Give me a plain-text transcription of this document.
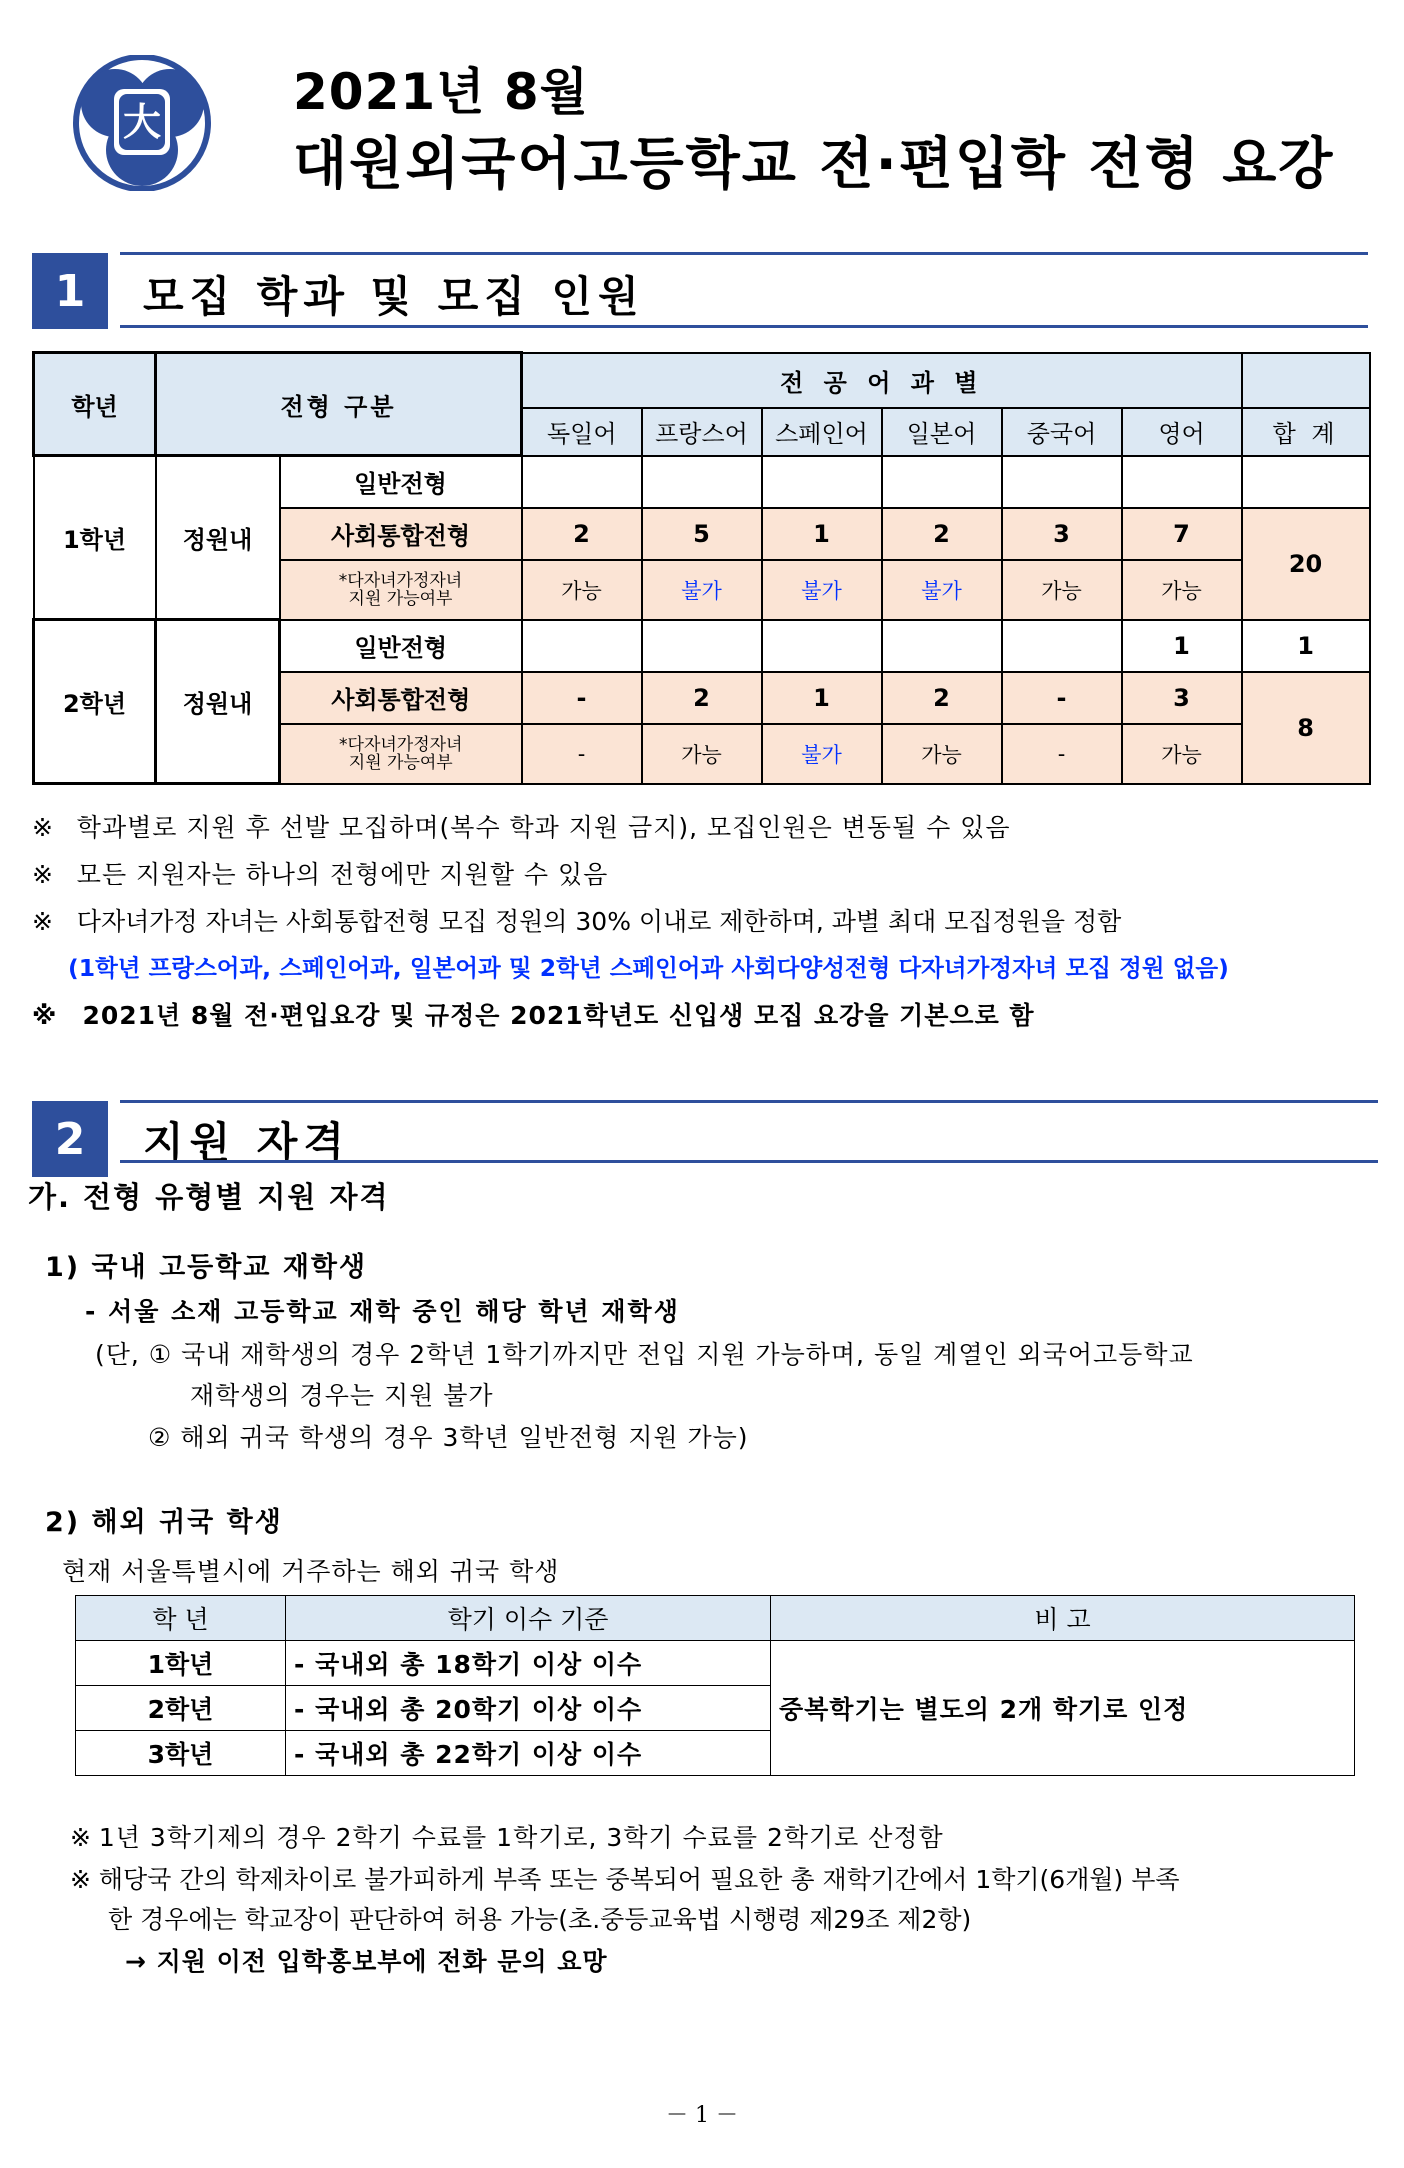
大
2021년 8월
대원외국어고등학교 전·편입학 전형 요강
1	모집 학과 및 모집 인원
학년	전형 구분		전 공 어 과 별						
			독일어	프랑스어	스페인어	일본어	중국어	영어	합 계
1학년	정원내	일반전형							
		사회통합전형	2	5	1	2	3	7	20

		*다자녀가정자녀
지원 가능여부	가능	불가	불가	불가	가능	가능	
2학년	정원내	일반전형						1	1
		사회통합전형	-	2	1	2	-	3	8

		*다자녀가정자녀
지원 가능여부	-	가능	불가	가능	-	가능	
※ 학과별로 지원 후 선발 모집하며(복수 학과 지원 금지), 모집인원은 변동될 수 있음
※ 모든 지원자는 하나의 전형에만 지원할 수 있음
※ 다자녀가정 자녀는 사회통합전형 모집 정원의 30% 이내로 제한하며, 과별 최대 모집정원을 정함
(1학년 프랑스어과, 스페인어과, 일본어과 및 2학년 스페인어과 사회다양성전형 다자녀가정자녀 모집 정원 없음)
※ 2021년 8월 전·편입요강 및 규정은 2021학년도 신입생 모집 요강을 기본으로 함
2	지원 자격
가. 전형 유형별 지원 자격
1) 국내 고등학교 재학생
- 서울 소재 고등학교 재학 중인 해당 학년 재학생
(단, ① 국내 재학생의 경우 2학년 1학기까지만 전입 지원 가능하며, 동일 계열인 외국어고등학교
재학생의 경우는 지원 불가
② 해외 귀국 학생의 경우 3학년 일반전형 지원 가능)
2) 해외 귀국 학생
현재 서울특별시에 거주하는 해외 귀국 학생
학 년	학기 이수 기준	비 고
1학년	- 국내외 총 18학기 이상 이수	중복학기는 별도의 2개 학기로 인정
2학년	- 국내외 총 20학기 이상 이수	
3학년	- 국내외 총 22학기 이상 이수	
※ 1년 3학기제의 경우 2학기 수료를 1학기로, 3학기 수료를 2학기로 산정함
※ 해당국 간의 학제차이로 불가피하게 부족 또는 중복되어 필요한 총 재학기간에서 1학기(6개월) 부족
한 경우에는 학교장이 판단하여 허용 가능(초.중등교육법 시행령 제29조 제2항)
→ 지원 이전 입학홍보부에 전화 문의 요망
－ 1 －
